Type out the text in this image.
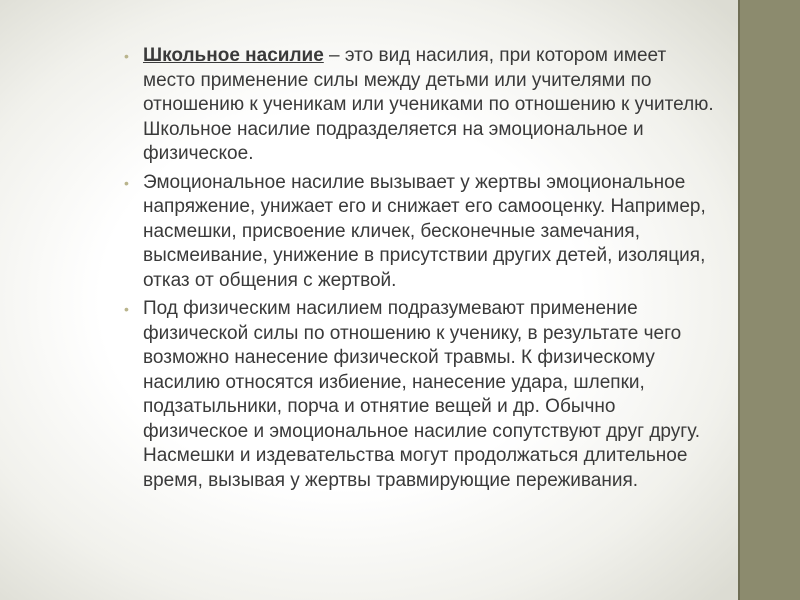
• Школьное насилие – это вид насилия, при котором имеет место применение силы между детьми или учителями по отношению к ученикам или учениками по отношению к учителю. Школьное насилие подразделяется на эмоциональное и физическое.
• Эмоциональное насилие вызывает у жертвы эмоциональное напряжение, унижает его и снижает его самооценку. Например, насмешки, присвоение кличек, бесконечные замечания, высмеивание, унижение в присутствии других детей, изоляция, отказ от общения с жертвой.
• Под физическим насилием подразумевают применение физической силы по отношению к ученику, в результате чего возможно нанесение физической травмы. К физическому насилию относятся избиение, нанесение удара, шлепки, подзатыльники, порча и отнятие вещей и др. Обычно физическое и эмоциональное насилие сопутствуют друг другу. Насмешки и издевательства могут продолжаться длительное время, вызывая у жертвы травмирующие переживания.
